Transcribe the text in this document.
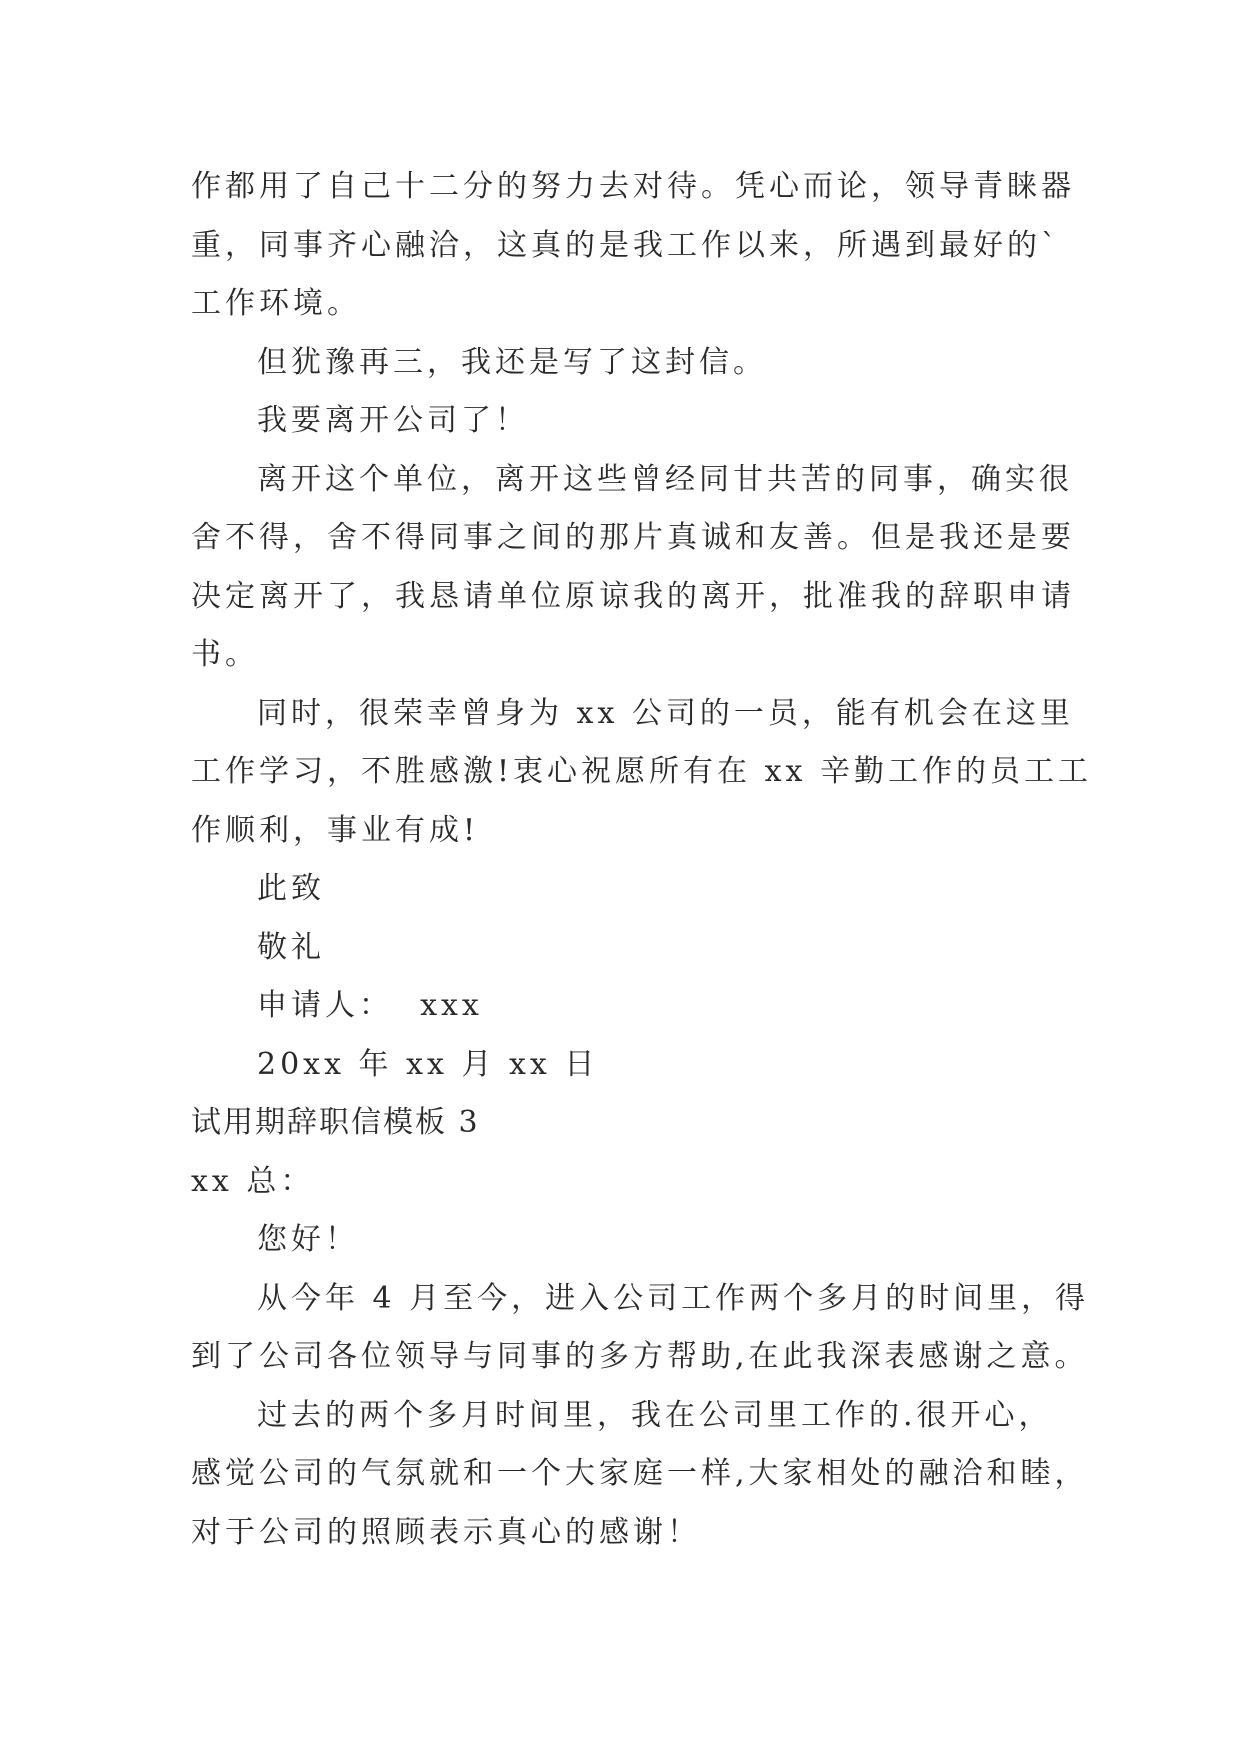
作都用了自己十二分的努力去对待。凭心而论，领导青睐器
重，同事齐心融洽，这真的是我工作以来，所遇到最好的`
工作环境。
但犹豫再三，我还是写了这封信。
我要离开公司了！
离开这个单位，离开这些曾经同甘共苦的同事，确实很
舍不得，舍不得同事之间的那片真诚和友善。但是我还是要
决定离开了，我恳请单位原谅我的离开，批准我的辞职申请
书。
同时，很荣幸曾身为 xx 公司的一员，能有机会在这里
工作学习，不胜感激!衷心祝愿所有在 xx 辛勤工作的员工工
作顺利，事业有成!
此致
敬礼
申请人：  xxx
20xx 年 xx 月 xx 日
试用期辞职信模板 3
xx 总：
您好！
从今年 4 月至今，进入公司工作两个多月的时间里，得
到了公司各位领导与同事的多方帮助,在此我深表感谢之意。
过去的两个多月时间里，我在公司里工作的.很开心，
感觉公司的气氛就和一个大家庭一样,大家相处的融洽和睦，
对于公司的照顾表示真心的感谢！
